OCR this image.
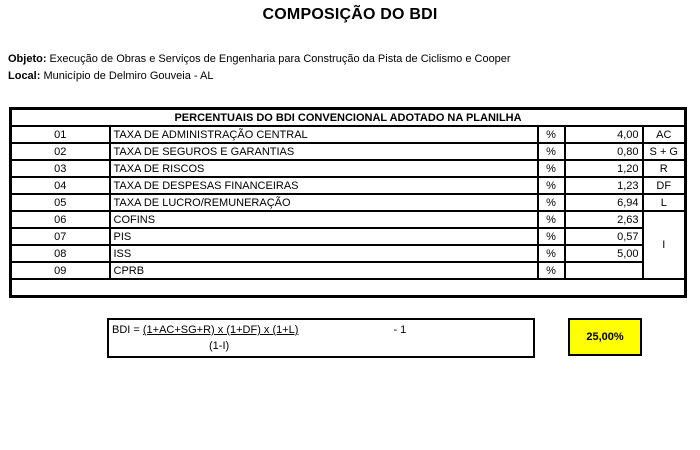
COMPOSIÇÃO DO BDI
Objeto: Execução de Obras e Serviços de Engenharia para Construção da Pista de Ciclismo e Cooper
Local: Município de Delmiro Gouveia - AL
PERCENTUAIS DO BDI CONVENCIONAL ADOTADO NA PLANILHA				
01	TAXA DE ADMINISTRAÇÃO CENTRAL	%	4,00	AC
02	TAXA DE SEGUROS E GARANTIAS	%	0,80	S + G
03	TAXA DE RISCOS	%	1,20	R
04	TAXA DE DESPESAS FINANCEIRAS	%	1,23	DF
05	TAXA DE LUCRO/REMUNERAÇÃO	%	6,94	L
06	COFINS	%	2,63	I
07	PIS	%	0,57	
08	ISS	%	5,00	
09	CPRB	%		

BDI = (1+AC+SG+R) x (1+DF) x (1+L) - 1
(1-I)
25,00%				
